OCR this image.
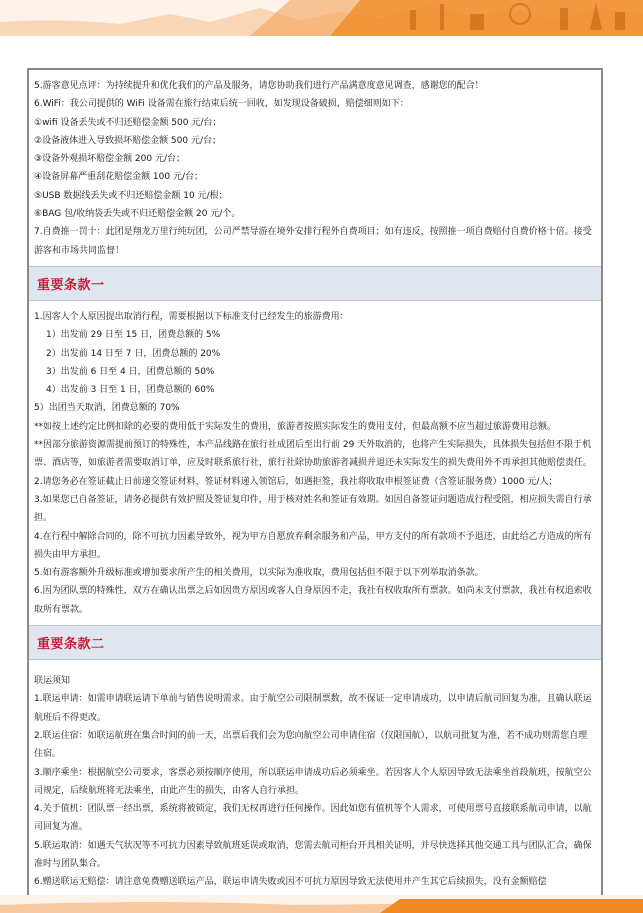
5.游客意见点评：为持续提升和优化我们的产品及服务，请您协助我们进行产品满意度意见调查，感谢您的配合！

6.WiFi：我公司提供的 WiFi 设备需在旅行结束后统一回收，如发现设备破损，赔偿细则如下：

①wifi 设备丢失或不归还赔偿金额 500 元/台；

②设备液体进入导致损坏赔偿金额 500 元/台；

③设备外观损坏赔偿金额 200 元/台；

④设备屏幕严重刮花赔偿金额 100 元/台；

⑤USB 数据线丢失或不归还赔偿金额 10 元/根；

⑥BAG 包/收纳袋丢失或不归还赔偿金额 20 元/个。

7.自费推一罚十：此团是翔龙万里行纯玩团，公司严禁导游在境外安排行程外自费项目；如有违反，按照推一项自费赔付自费价格十倍。接受游客和市场共同监督！

重要条款一

1.因客人个人原因提出取消行程，需要根据以下标准支付已经发生的旅游费用：

1）出发前 29 日至 15 日，团费总额的 5%

2）出发前 14 日至 7 日，团费总额的 20%

3）出发前 6 日至 4 日，团费总额的 50%

4）出发前 3 日至 1 日，团费总额的 60%

5）出团当天取消，团费总额的 70%

**如按上述约定比例扣除的必要的费用低于实际发生的费用，旅游者按照实际发生的费用支付，但最高额不应当超过旅游费用总额。

**因部分旅游资源需提前预订的特殊性，本产品线路在旅行社成团后至出行前 29 天外取消的，也将产生实际损失，具体损失包括但不限于机票、酒店等，如旅游者需要取消订单，应及时联系旅行社，旅行社除协助旅游者减损并退还未实际发生的损失费用外不再承担其他赔偿责任。

2.请您务必在签证截止日前递交签证材料，签证材料递入领馆后，如遇拒签，我社将收取申根签证费（含签证服务费）1000 元/人；

3.如果您已自备签证，请务必提供有效护照及签证复印件，用于核对姓名和签证有效期。如因自备签证问题造成行程受阻，相应损失需自行承担。

4.在行程中解除合同的，除不可抗力因素导致外，视为甲方自愿放弃剩余服务和产品，甲方支付的所有款项不予退还，由此给乙方造成的所有损失由甲方承担。

5.如有游客额外升级标准或增加要求所产生的相关费用，以实际为准收取，费用包括但不限于以下列举取消条款。

6.因为团队票的特殊性，双方在确认出票之后如因贵方原因或客人自身原因不走，我社有权收取所有票款。如尚未支付票款，我社有权追索收取所有票款。

重要条款二

联运须知

1.联运申请：如需申请联运请下单前与销售说明需求。由于航空公司限制票数，故不保证一定申请成功，以申请后航司回复为准，且确认联运航班后不得更改。

2.联运住宿：如联运航班在集合时间的前一天，出票后我们会为您向航空公司申请住宿（仅限国航），以航司批复为准，若不成功则需您自理住宿。

3.顺序乘坐：根据航空公司要求，客票必须按顺序使用，所以联运申请成功后必须乘坐。若因客人个人原因导致无法乘坐首段航班，按航空公司规定，后续航班将无法乘坐，由此产生的损失，由客人自行承担。

4.关于值机：团队票一经出票，系统将被锁定，我们无权再进行任何操作。因此如您有值机等个人需求，可使用票号直接联系航司申请，以航司回复为准。

5.联运取消：如遇天气状况等不可抗力因素导致航班延误或取消，您需去航司柜台开具相关证明，并尽快选择其他交通工具与团队汇合，确保准时与团队集合。

6.赠送联运无赔偿：请注意免费赠送联运产品，联运申请失败或因不可抗力原因导致无法使用并产生其它后续损失，没有金额赔偿
